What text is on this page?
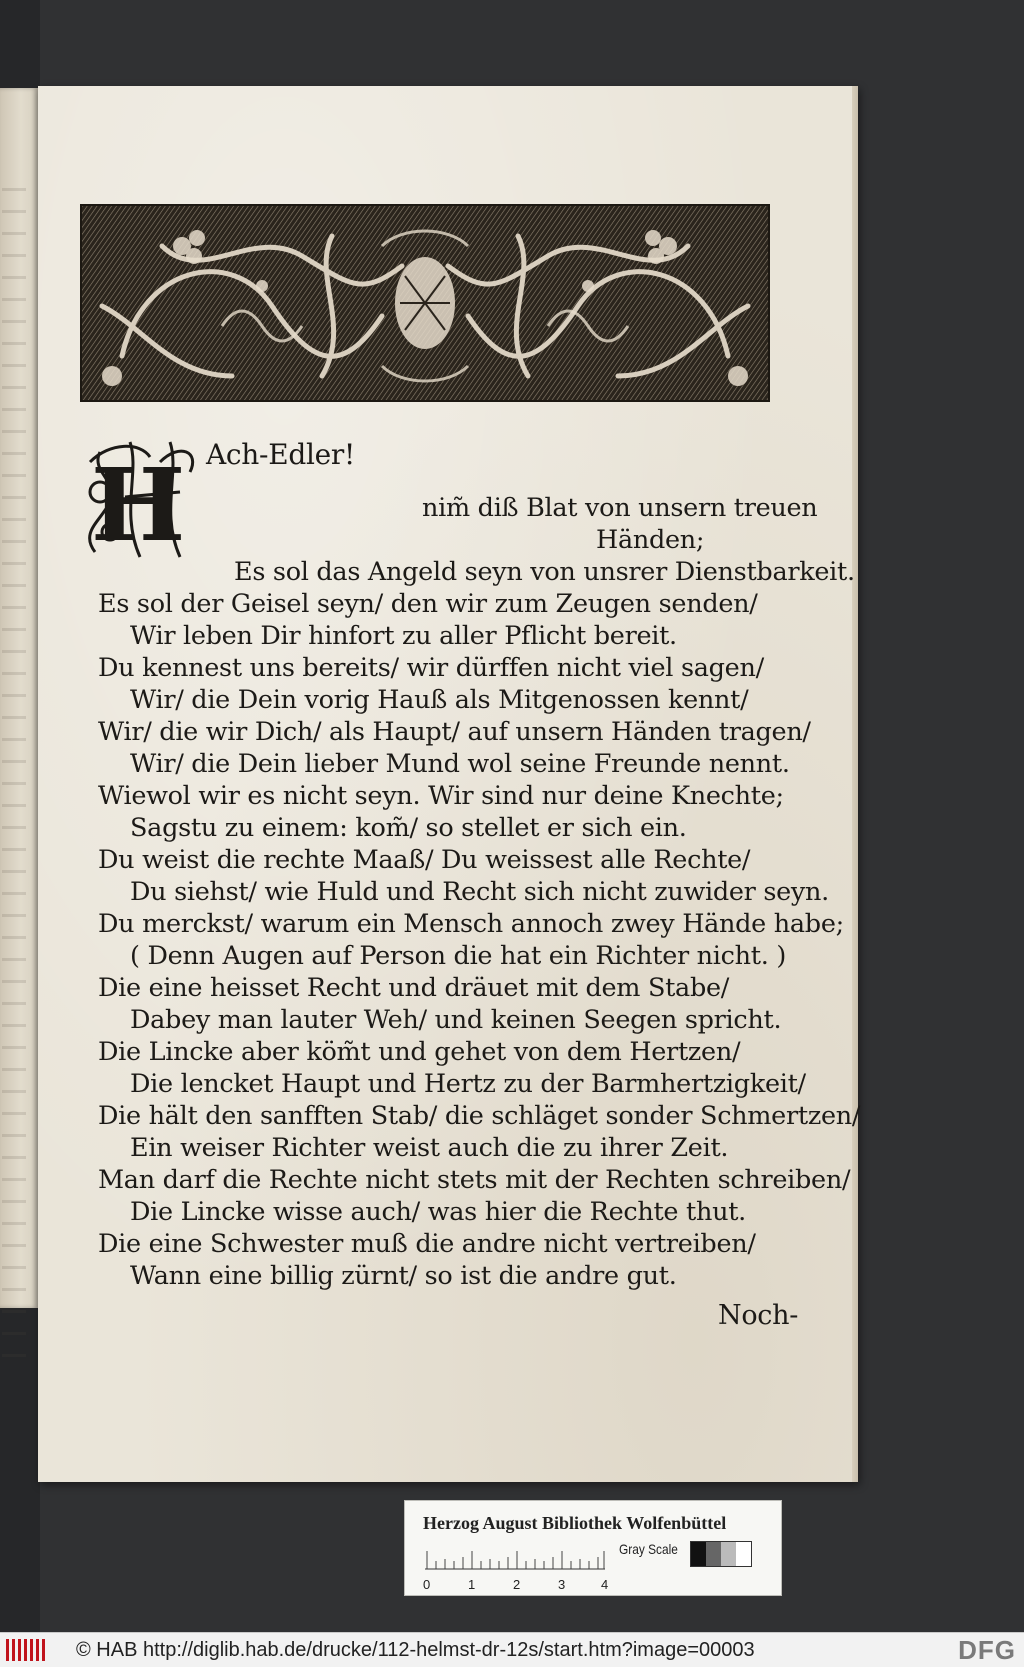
H Ach-Edler!
nim̃ diß Blat von unsern treuen
Händen;
Es sol das Angeld seyn von unsrer Dienstbarkeit.
Es sol der Geisel seyn/ den wir zum Zeugen senden/
Wir leben Dir hinfort zu aller Pflicht bereit.
Du kennest uns bereits/ wir dürffen nicht viel sagen/
Wir/ die Dein vorig Hauß als Mitgenossen kennt/
Wir/ die wir Dich/ als Haupt/ auf unsern Händen tragen/
Wir/ die Dein lieber Mund wol seine Freunde nennt.
Wiewol wir es nicht seyn. Wir sind nur deine Knechte;
Sagstu zu einem: kom̃/ so stellet er sich ein.
Du weist die rechte Maaß/ Du weissest alle Rechte/
Du siehst/ wie Huld und Recht sich nicht zuwider seyn.
Du merckst/ warum ein Mensch annoch zwey Hände habe;
( Denn Augen auf Person die hat ein Richter nicht. )
Die eine heisset Recht und dräuet mit dem Stabe/
Dabey man lauter Weh/ und keinen Seegen spricht.
Die Lincke aber köm̃t und gehet von dem Hertzen/
Die lencket Haupt und Hertz zu der Barmhertzigkeit/
Die hält den sanfften Stab/ die schläget sonder Schmertzen/
Ein weiser Richter weist auch die zu ihrer Zeit.
Man darf die Rechte nicht stets mit der Rechten schreiben/
Die Lincke wisse auch/ was hier die Rechte thut.
Die eine Schwester muß die andre nicht vertreiben/
Wann eine billig zürnt/ so ist die andre gut.
Noch-
Herzog August Bibliothek Wolfenbüttel
0	1	2	3	4
Gray Scale
© HAB http://diglib.hab.de/drucke/112-helmst-dr-12s/start.htm?image=00003	DFG
